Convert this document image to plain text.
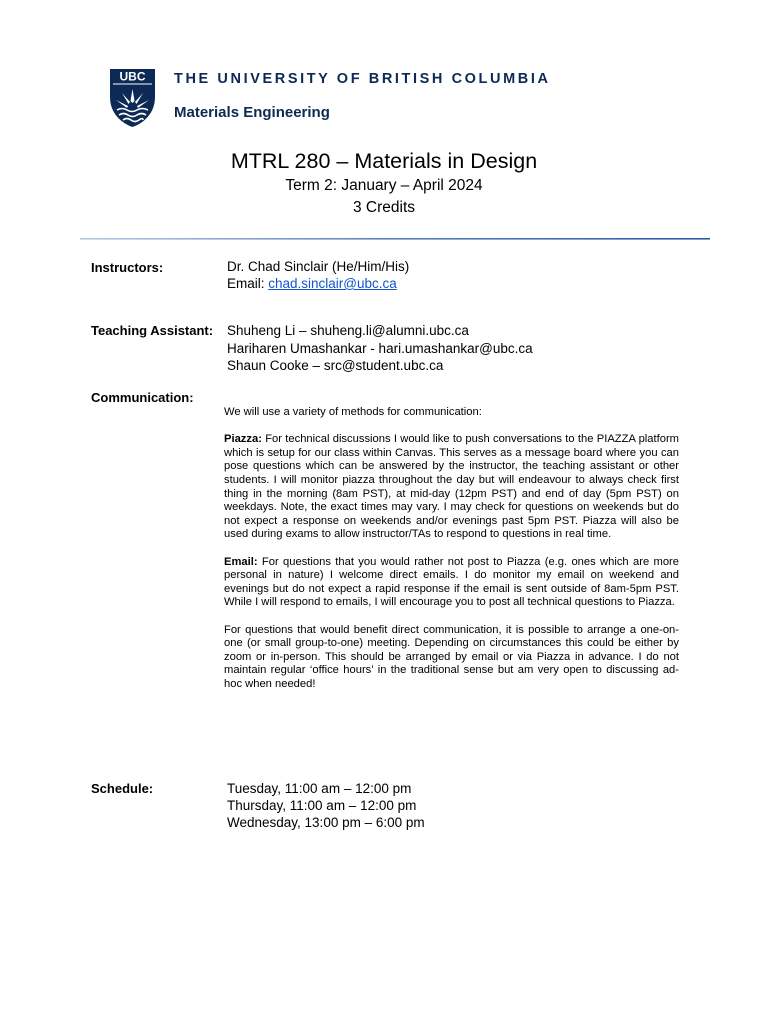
UBC THE UNIVERSITY OF BRITISH COLUMBIA
Materials Engineering
MTRL 280 – Materials in Design
Term 2: January – April 2024
3 Credits
Instructors:	Dr. Chad Sinclair (He/Him/His)
Email: chad.sinclair@ubc.ca
Teaching Assistant: Shuheng Li – shuheng.li@alumni.ubc.ca
Hariharen Umashankar - hari.umashankar@ubc.ca
Shaun Cooke – src@student.ubc.ca
Communication:

We will use a variety of methods for communication:

Piazza: For technical discussions I would like to push conversations to the PIAZZA platform which is setup for our class within Canvas. This serves as a message board where you can pose questions which can be answered by the instructor, the teaching assistant or other students. I will monitor piazza throughout the day but will endeavour to always check first thing in the morning (8am PST), at mid-day (12pm PST) and end of day (5pm PST) on weekdays. Note, the exact times may vary. I may check for questions on weekends but do not expect a response on weekends and/or evenings past 5pm PST. Piazza will also be used during exams to allow instructor/TAs to respond to questions in real time.

Email: For questions that you would rather not post to Piazza (e.g. ones which are more personal in nature) I welcome direct emails. I do monitor my email on weekend and evenings but do not expect a rapid response if the email is sent outside of 8am-5pm PST. While I will respond to emails, I will encourage you to post all technical questions to Piazza.

For questions that would benefit direct communication, it is possible to arrange a one-on-one (or small group-to-one) meeting. Depending on circumstances this could be either by zoom or in-person. This should be arranged by email or via Piazza in advance. I do not maintain regular ‘office hours’ in the traditional sense but am very open to discussing ad-hoc when needed!

Schedule:	Tuesday, 11:00 am – 12:00 pm
Thursday, 11:00 am – 12:00 pm
Wednesday, 13:00 pm – 6:00 pm
